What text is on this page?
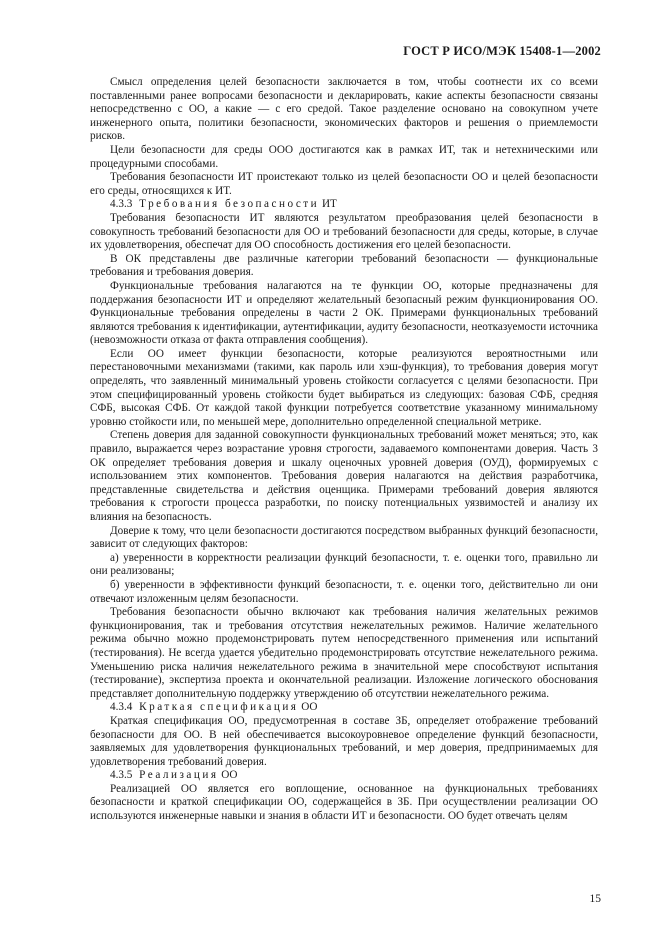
ГОСТ Р ИСО/МЭК 15408-1—2002

Смысл определения целей безопасности заключается в том, чтобы соотнести их со всеми поставленными ранее вопросами безопасности и декларировать, какие аспекты безопасности связаны непосредственно с ОО, а какие — с его средой. Такое разделение основано на совокупном учете инженерного опыта, политики безопасности, экономических факторов и решения о приемлемости рисков.

Цели безопасности для среды ООО достигаются как в рамках ИТ, так и нетехническими или процедурными способами.

Требования безопасности ИТ проистекают только из целей безопасности ОО и целей безопасности его среды, относящихся к ИТ.

4.3.3 Требования безопасности ИТ

Требования безопасности ИТ являются результатом преобразования целей безопасности в совокупность требований безопасности для ОО и требований безопасности для среды, которые, в случае их удовлетворения, обеспечат для ОО способность достижения его целей безопасности.

В ОК представлены две различные категории требований безопасности — функциональные требования и требования доверия.

Функциональные требования налагаются на те функции ОО, которые предназначены для поддержания безопасности ИТ и определяют желательный безопасный режим функционирования ОО. Функциональные требования определены в части 2 ОК. Примерами функциональных требований являются требования к идентификации, аутентификации, аудиту безопасности, неотказуемости источника (невозможности отказа от факта отправления сообщения).

Если ОО имеет функции безопасности, которые реализуются вероятностными или перестановочными механизмами (такими, как пароль или хэш-функция), то требования доверия могут определять, что заявленный минимальный уровень стойкости согласуется с целями безопасности. При этом специфицированный уровень стойкости будет выбираться из следующих: базовая СФБ, средняя СФБ, высокая СФБ. От каждой такой функции потребуется соответствие указанному минимальному уровню стойкости или, по меньшей мере, дополнительно определенной специальной метрике.

Степень доверия для заданной совокупности функциональных требований может меняться; это, как правило, выражается через возрастание уровня строгости, задаваемого компонентами доверия. Часть 3 ОК определяет требования доверия и шкалу оценочных уровней доверия (ОУД), формируемых с использованием этих компонентов. Требования доверия налагаются на действия разработчика, представленные свидетельства и действия оценщика. Примерами требований доверия являются требования к строгости процесса разработки, по поиску потенциальных уязвимостей и анализу их влияния на безопасность.

Доверие к тому, что цели безопасности достигаются посредством выбранных функций безопасности, зависит от следующих факторов:

а) уверенности в корректности реализации функций безопасности, т. е. оценки того, правильно ли они реализованы;

б) уверенности в эффективности функций безопасности, т. е. оценки того, действительно ли они отвечают изложенным целям безопасности.

Требования безопасности обычно включают как требования наличия желательных режимов функционирования, так и требования отсутствия нежелательных режимов. Наличие желательного режима обычно можно продемонстрировать путем непосредственного применения или испытаний (тестирования). Не всегда удается убедительно продемонстрировать отсутствие нежелательного режима. Уменьшению риска наличия нежелательного режима в значительной мере способствуют испытания (тестирование), экспертиза проекта и окончательной реализации. Изложение логического обоснования представляет дополнительную поддержку утверждению об отсутствии нежелательного режима.

4.3.4 Краткая спецификация ОО

Краткая спецификация ОО, предусмотренная в составе ЗБ, определяет отображение требований безопасности для ОО. В ней обеспечивается высокоуровневое определение функций безопасности, заявляемых для удовлетворения функциональных требований, и мер доверия, предпринимаемых для удовлетворения требований доверия.

4.3.5 Реализация ОО

Реализацией ОО является его воплощение, основанное на функциональных требованиях безопасности и краткой спецификации ОО, содержащейся в ЗБ. При осуществлении реализации ОО используются инженерные навыки и знания в области ИТ и безопасности. ОО будет отвечать целям

15
